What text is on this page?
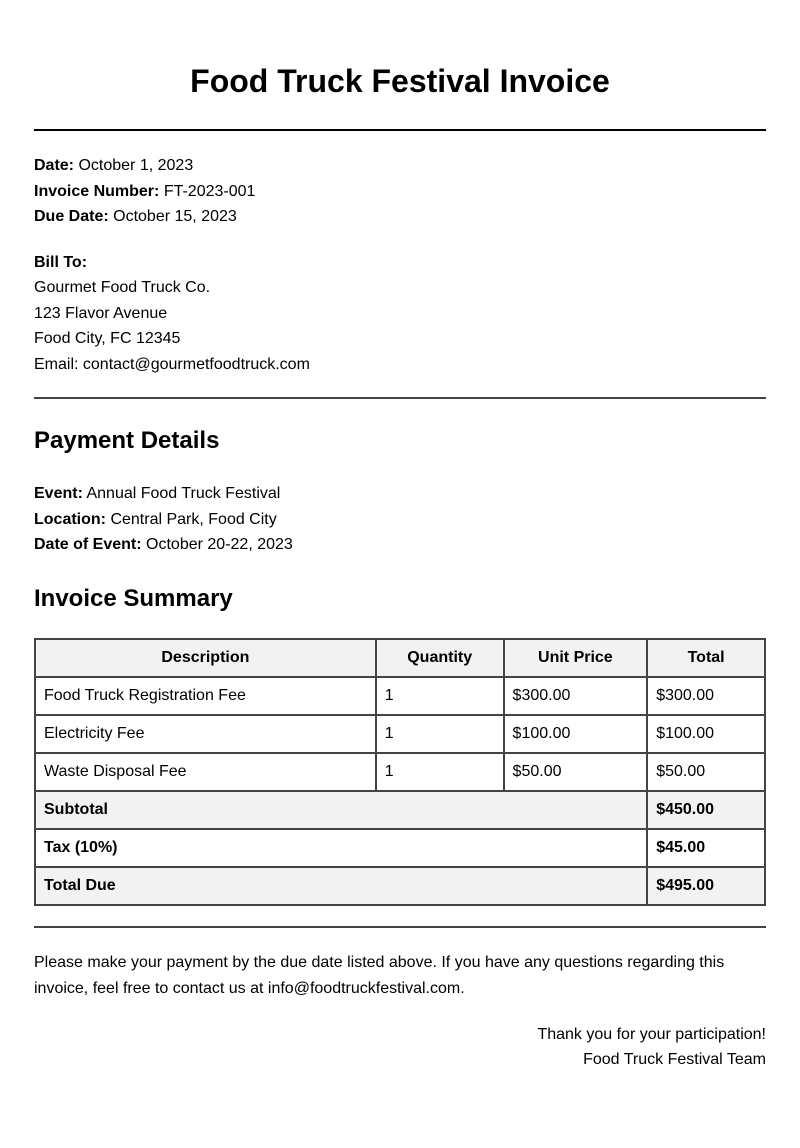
Food Truck Festival Invoice

Date: October 1, 2023

Invoice Number: FT-2023-001

Due Date: October 15, 2023

Bill To:

Gourmet Food Truck Co.

123 Flavor Avenue

Food City, FC 12345

Email: contact@gourmetfoodtruck.com

Payment Details

Event: Annual Food Truck Festival

Location: Central Park, Food City

Date of Event: October 20-22, 2023

Invoice Summary
Description	Quantity	Unit Price	Total
Food Truck Registration Fee	1	$300.00	$300.00
Electricity Fee	1	$100.00	$100.00
Waste Disposal Fee	1	$50.00	$50.00
Subtotal			$450.00
Tax (10%)			$45.00
Total Due			$495.00

Please make your payment by the due date listed above. If you have any questions regarding this invoice, feel free to contact us at info@foodtruckfestival.com.

Thank you for your participation!
Food Truck Festival Team
